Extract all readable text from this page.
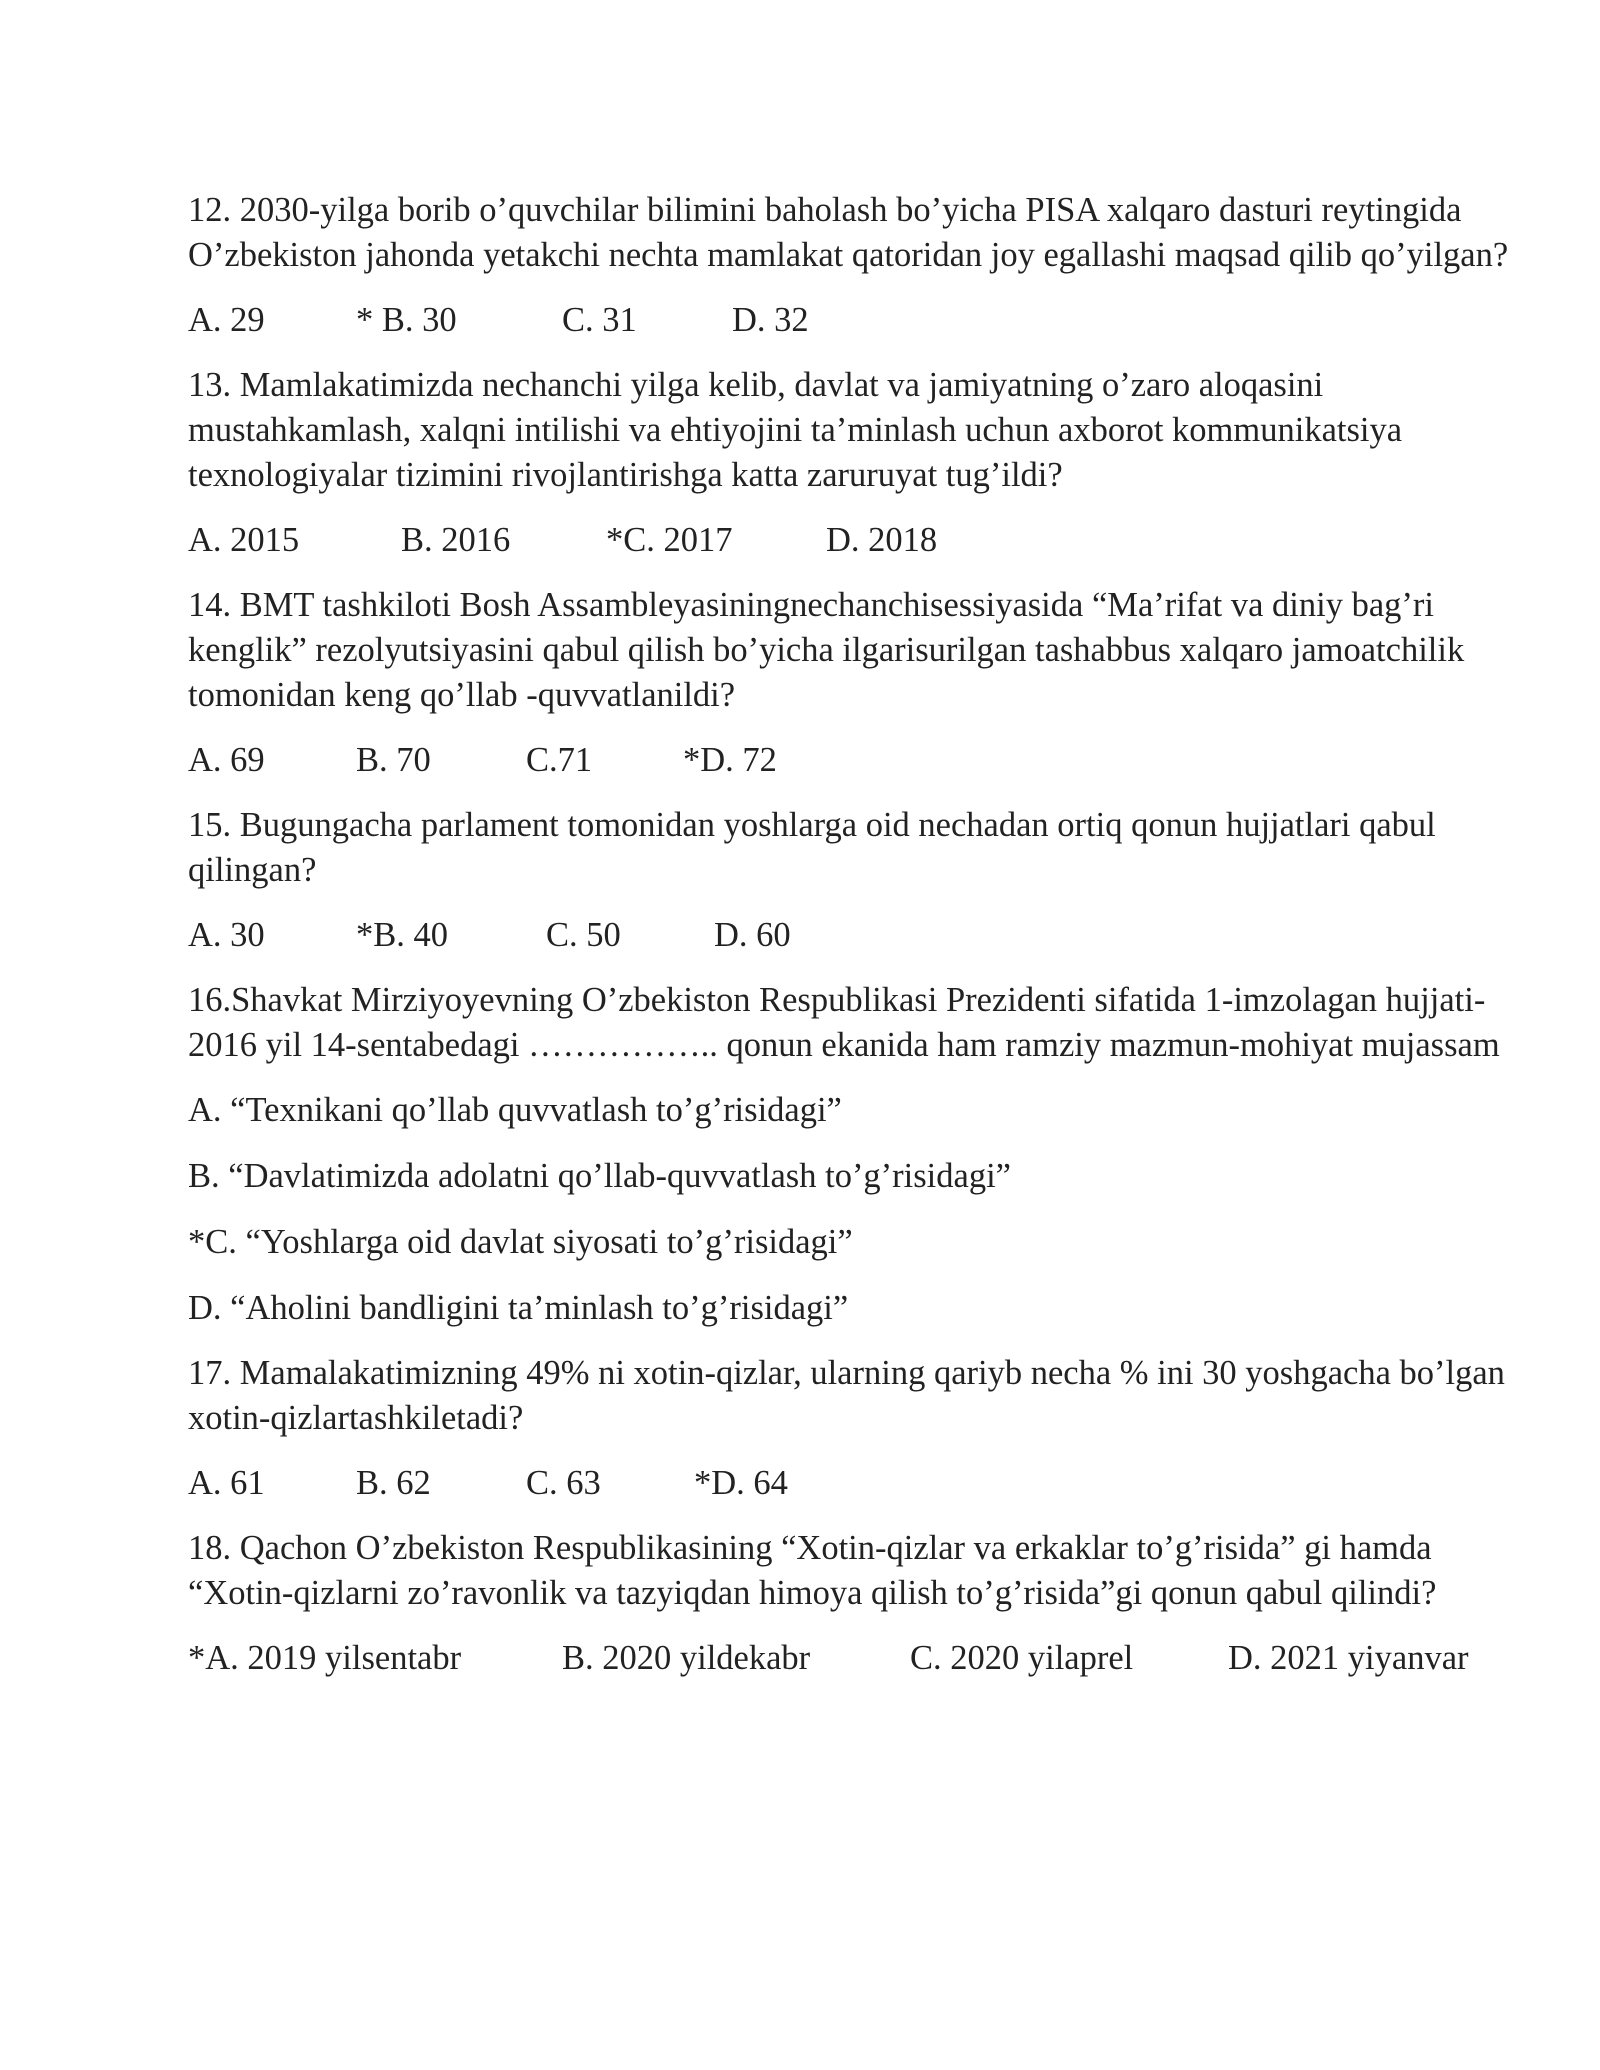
12. 2030-yilga borib o’quvchilar bilimini baholash bo’yicha PISA xalqaro dasturi reytingida O’zbekiston jahonda yetakchi nechta mamlakat qatoridan joy egallashi maqsad qilib qo’yilgan?

A. 29	* B. 30	C. 31	D. 32

13. Mamlakatimizda nechanchi yilga kelib, davlat va jamiyatning o’zaro aloqasini mustahkamlash, xalqni intilishi va ehtiyojini ta’minlash uchun axborot kommunikatsiya texnologiyalar tizimini rivojlantirishga katta zaruruyat tug’ildi?

A. 2015	B. 2016	*C. 2017	D. 2018

14. BMT tashkiloti Bosh Assambleyasiningnechanchisessiyasida “Ma’rifat va diniy bag’ri kenglik” rezolyutsiyasini qabul qilish bo’yicha ilgarisurilgan tashabbus xalqaro jamoatchilik tomonidan keng qo’llab -quvvatlanildi?

A. 69	B. 70	C.71	*D. 72

15. Bugungacha parlament tomonidan yoshlarga oid nechadan ortiq qonun hujjatlari qabul qilingan?

A. 30	*B. 40	C. 50	D. 60

16.Shavkat Mirziyoyevning O’zbekiston Respublikasi Prezidenti sifatida 1-imzolagan hujjati-2016 yil 14-sentabedagi …………….. qonun ekanida ham ramziy mazmun-mohiyat mujassam

A. “Texnikani qo’llab quvvatlash to’g’risidagi”

B. “Davlatimizda adolatni qo’llab-quvvatlash to’g’risidagi”

*C. “Yoshlarga oid davlat siyosati to’g’risidagi”

D. “Aholini bandligini ta’minlash to’g’risidagi”

17. Mamalakatimizning 49% ni xotin-qizlar, ularning qariyb necha % ini 30 yoshgacha bo’lgan xotin-qizlartashkiletadi?

A. 61	B. 62	C. 63	*D. 64

18. Qachon O’zbekiston Respublikasining “Xotin-qizlar va erkaklar to’g’risida” gi hamda “Xotin-qizlarni zo’ravonlik va tazyiqdan himoya qilish to’g’risida”gi qonun qabul qilindi?

*A. 2019 yilsentabr	B. 2020 yildekabr	C. 2020 yilaprel	D. 2021 yiyanvar
